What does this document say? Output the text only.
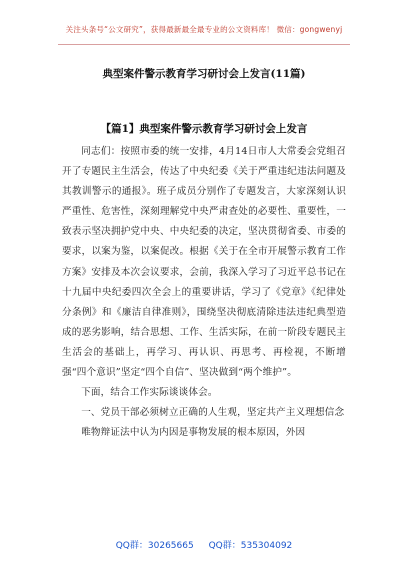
关注头条号“公文研究”，获得最新最全最专业的公文资料库！ 微信：gongwenyj
典型案件警示教育学习研讨会上发言(11篇)
【篇1】典型案件警示教育学习研讨会上发言

同志们：按照市委的统一安排，4月14日市人大常委会党组召开了专题民主生活会，传达了中央纪委《关于严重违纪违法问题及其教训警示的通报》。班子成员分别作了专题发言，大家深刻认识严重性、危害性，深刻理解党中央严肃查处的必要性、重要性，一致表示坚决拥护党中央、中央纪委的决定，坚决贯彻省委、市委的要求，以案为鉴，以案促改。根据《关于在全市开展警示教育工作方案》安排及本次会议要求，会前，我深入学习了习近平总书记在十九届中央纪委四次全会上的重要讲话，学习了《党章》《纪律处分条例》和《廉洁自律准则》，围绕坚决彻底清除违法违纪典型造成的恶劣影响，结合思想、工作、生活实际，在前一阶段专题民主生活会的基础上，再学习、再认识、再思考、再检视，不断增强“四个意识”坚定“四个自信”、坚决做到“两个维护”。

下面，结合工作实际谈谈体会。

一、党员干部必须树立正确的人生观，坚定共产主义理想信念

唯物辩证法中认为内因是事物发展的根本原因，外因

QQ群：30265665 QQ群：535304092
